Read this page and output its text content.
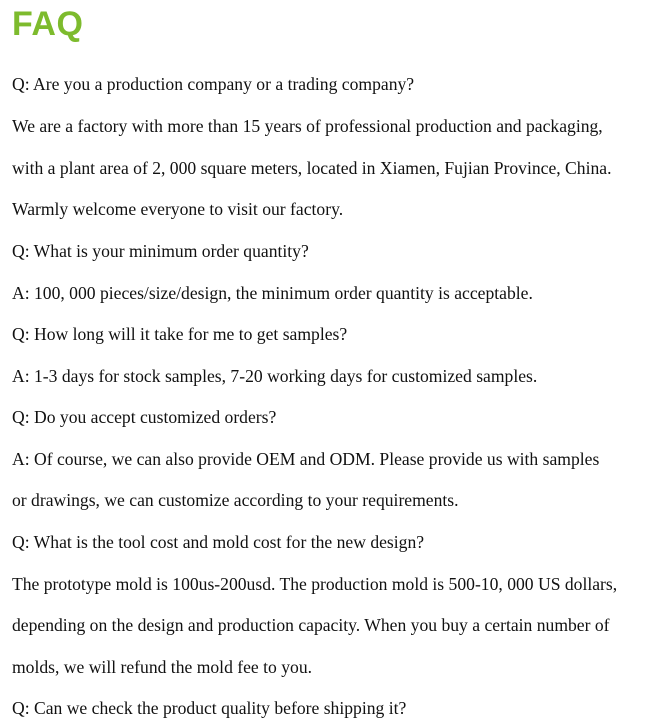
FAQ

Q: Are you a production company or a trading company?

We are a factory with more than 15 years of professional production and packaging,

with a plant area of 2, 000 square meters, located in Xiamen, Fujian Province, China.

Warmly welcome everyone to visit our factory.

Q: What is your minimum order quantity?

A: 100, 000 pieces/size/design, the minimum order quantity is acceptable.

Q: How long will it take for me to get samples?

A: 1-3 days for stock samples, 7-20 working days for customized samples.

Q: Do you accept customized orders?

A: Of course, we can also provide OEM and ODM. Please provide us with samples

or drawings, we can customize according to your requirements.

Q: What is the tool cost and mold cost for the new design?

The prototype mold is 100us-200usd. The production mold is 500-10, 000 US dollars,

depending on the design and production capacity. When you buy a certain number of

molds, we will refund the mold fee to you.

Q: Can we check the product quality before shipping it?
